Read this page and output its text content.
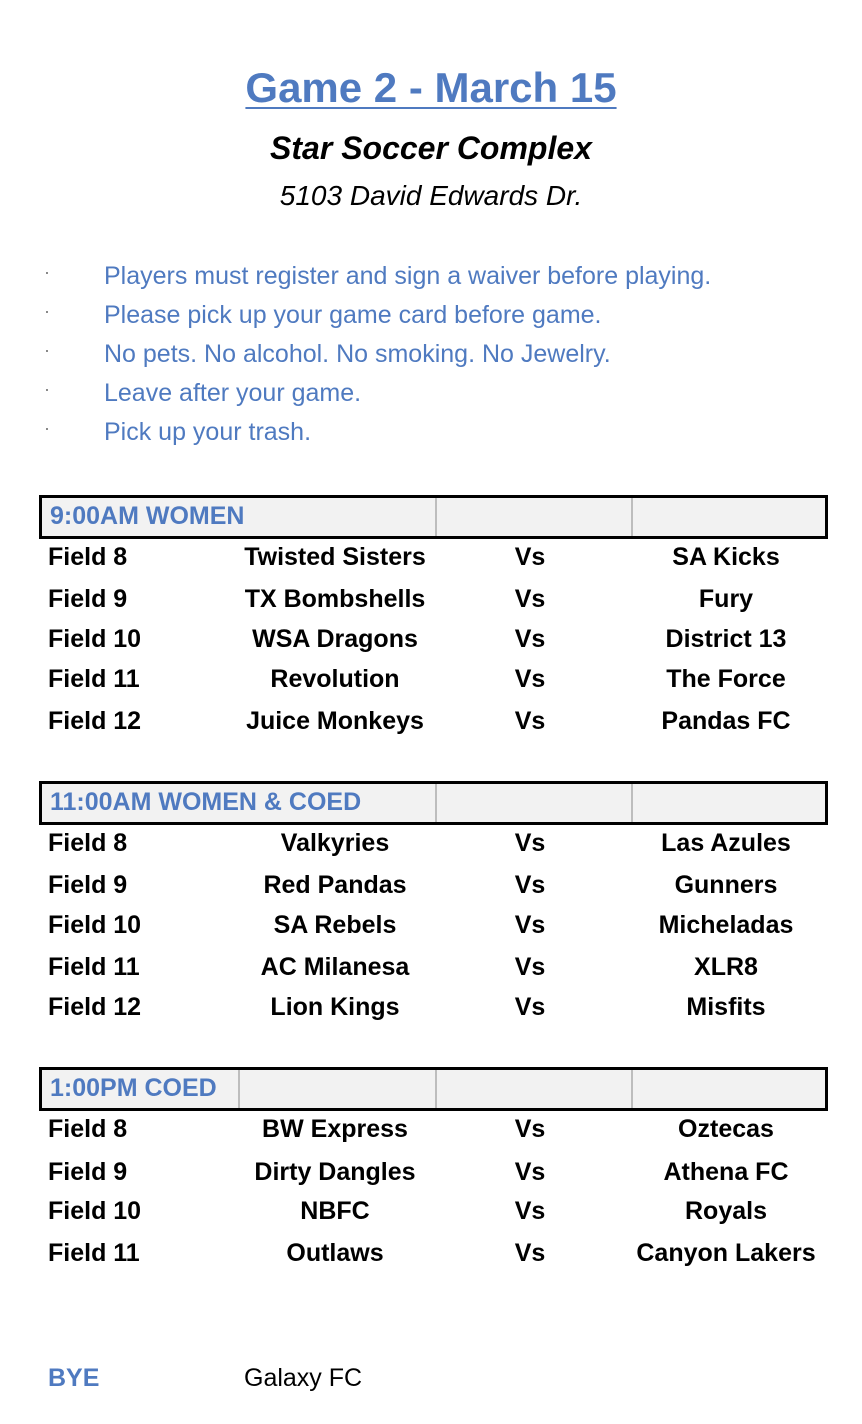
Game 2 - March 15
Star Soccer Complex
5103 David Edwards Dr.
· Players must register and sign a waiver before playing.
· Please pick up your game card before game.
· No pets. No alcohol. No smoking. No Jewelry.
· Leave after your game.
· Pick up your trash.
9:00AM WOMEN
Field 8	Twisted Sisters	Vs	SA Kicks
Field 9	TX Bombshells	Vs	Fury
Field 10	WSA Dragons	Vs	District 13
Field 11	Revolution	Vs	The Force
Field 12	Juice Monkeys	Vs	Pandas FC
11:00AM WOMEN & COED
Field 8	Valkyries	Vs	Las Azules
Field 9	Red Pandas	Vs	Gunners
Field 10	SA Rebels	Vs	Micheladas
Field 11	AC Milanesa	Vs	XLR8
Field 12	Lion Kings	Vs	Misfits
1:00PM COED
Field 8	BW Express	Vs	Oztecas
Field 9	Dirty Dangles	Vs	Athena FC
Field 10	NBFC	Vs	Royals
Field 11	Outlaws	Vs	Canyon Lakers
BYE	Galaxy FC
